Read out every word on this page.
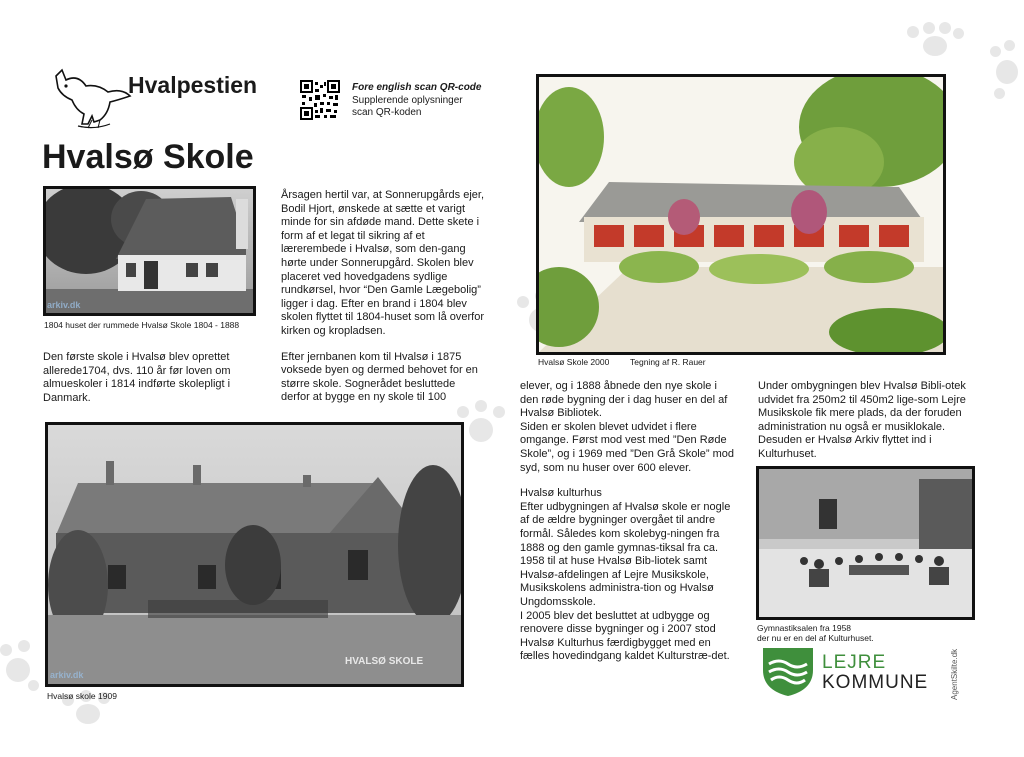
Hvalpestien
Hvalsø Skole
Fore english scan QR-code
Supplerende oplysninger
scan QR-koden
arkiv.dk
1804 huset der rummede Hvalsø Skole 1804 - 1888

Den første skole i Hvalsø blev oprettet allerede1704, dvs. 110 år før loven om almueskoler i 1814 indførte skolepligt i Danmark.

Årsagen hertil var, at Sonnerupgårds ejer, Bodil Hjort, ønskede at sætte et varigt minde for sin afdøde mand. Dette skete i form af et legat til sikring af et lærerembede i Hvalsø, som den-gang hørte under Sonnerupgård. Skolen blev placeret ved hovedgadens sydlige rundkørsel, hvor “Den Gamle Lægebolig” ligger i dag. Efter en brand i 1804 blev skolen flyttet til 1804-huset som lå overfor kirken og kropladsen.

Efter jernbanen kom til Hvalsø i 1875 voksede byen og dermed behovet for en større skole. Sognerådet besluttede derfor at bygge en ny skole til 100

Hvalsø Skole 2000 Tegning af R. Rauer
arkiv.dk
HVALSØ SKOLE
Hvalsø skole 1909

elever, og i 1888 åbnede den nye skole i den røde bygning der i dag huser en del af Hvalsø Bibliotek.

Siden er skolen blevet udvidet i flere omgange. Først mod vest med ”Den Røde Skole”, og i 1969 med ”Den Grå Skole” mod syd, som nu huser over 600 elever.

Hvalsø kulturhus

Efter udbygningen af Hvalsø skole er nogle af de ældre bygninger overgået til andre formål. Således kom skolebyg-ningen fra 1888 og den gamle gymnas-tiksal fra ca. 1958 til at huse Hvalsø Bib-liotek samt Hvalsø-afdelingen af Lejre Musikskole, Musikskolens administra-tion og Hvalsø Ungdomsskole.

I 2005 blev det besluttet at udbygge og renovere disse bygninger og i 2007 stod Hvalsø Kulturhus færdigbygget med en fælles hovedindgang kaldet Kulturstræ-det.

Under ombygningen blev Hvalsø Bibli-otek udvidet fra 250m2 til 450m2 lige-som Lejre Musikskole fik mere plads, da der foruden administration nu også er musiklokale. Desuden er Hvalsø Arkiv flyttet ind i Kulturhuset.

Gymnastiksalen fra 1958
der nu er en del af Kulturhuset.
LEJRE
KOMMUNE	AgentSkilte.dk
